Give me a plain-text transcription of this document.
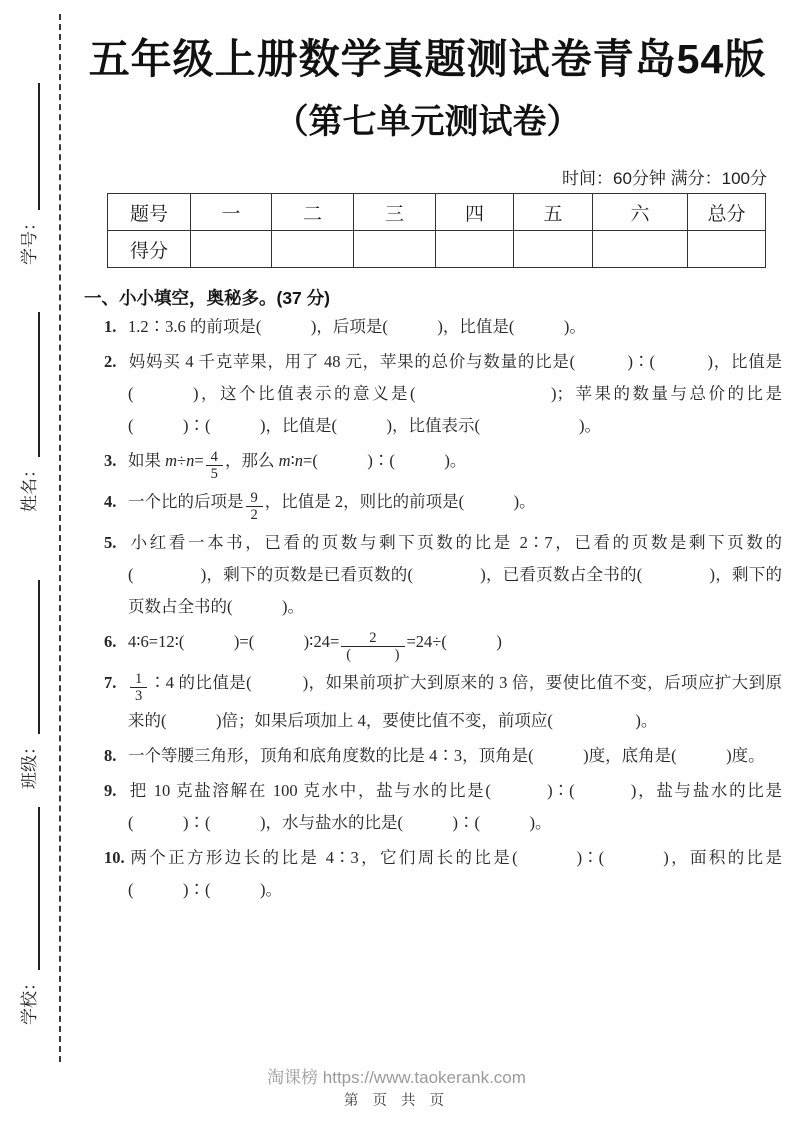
学号：
姓名：
班级：
学校：
五年级上册数学真题测试卷青岛54版
（第七单元测试卷）
时间：60分钟 满分：100分
题号	一	二	三	四	五	六	总分
得分							
一、小小填空，奥秘多。(37 分)
1. 1.2∶3.6 的前项是(　　　)，后项是(　　　)，比值是(　　　)。
2. 妈妈买 4 千克苹果，用了 48 元，苹果的总价与数量的比是(　　　)∶(　　　)，比值是(　　　)，这个比值表示的意义是(　　　　　　　)；苹果的数量与总价的比是(　　　)∶(　　　)，比值是(　　　)，比值表示(　　　　　　)。
3. 如果 $m\div n= \frac{4}{5}$ ，那么 m∶n=(　　　)∶(　　　)。
4. 一个比的后项是 $\frac{9}{2}$ ，比值是 2，则比的前项是(　　　)。
5. 小红看一本书，已看的页数与剩下页数的比是 2∶7，已看的页数是剩下页数的(　　　　)，剩下的页数是已看页数的(　　　　)，已看页数占全书的(　　　　)，剩下的页数占全书的(　　　)。
6. 4∶6=12∶(　　　)=(　　　)∶24= $\frac{2}{( )} =24\div$(　　　)
7. $\frac{1}{3}$ ∶4 的比值是(　　　)，如果前项扩大到原来的 3 倍，要使比值不变，后项应扩大到原来的(　　　)倍；如果后项加上 4，要使比值不变，前项应(　　　　　)。
8. 一个等腰三角形，顶角和底角度数的比是 4∶3，顶角是(　　　)度，底角是(　　　)度。
9. 把 10 克盐溶解在 100 克水中，盐与水的比是(　　　)∶(　　　)，盐与盐水的比是(　　　)∶(　　　)，水与盐水的比是(　　　)∶(　　　)。
10. 两个正方形边长的比是 4∶3，它们周长的比是(　　　)∶(　　　)，面积的比是(　　　)∶(　　　)。
淘课榜 https://www.taokerank.com
第 页 共 页
